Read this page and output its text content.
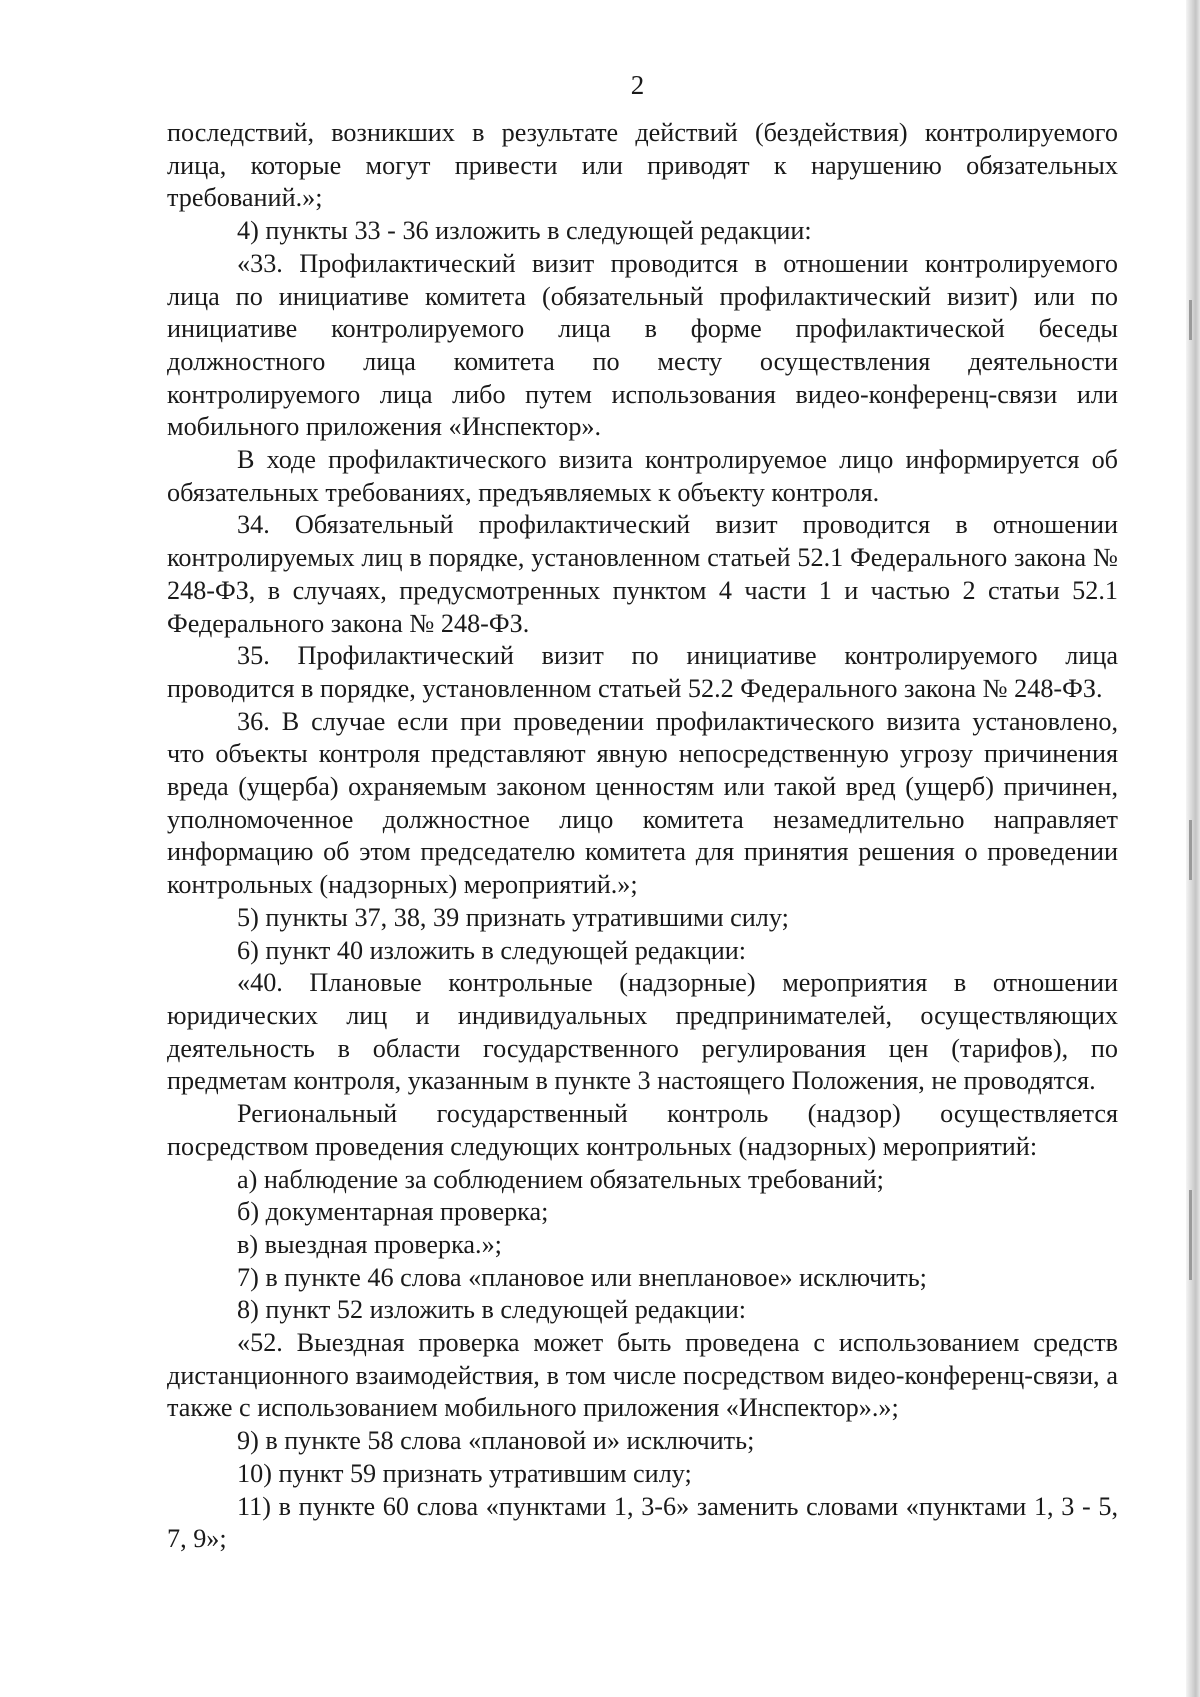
2

последствий, возникших в результате действий (бездействия) контролируемого лица, которые могут привести или приводят к нарушению обязательных требований.»;

4) пункты 33 - 36 изложить в следующей редакции:

«33. Профилактический визит проводится в отношении контролируемого лица по инициативе комитета (обязательный профилактический визит) или по инициативе контролируемого лица в форме профилактической беседы должностного лица комитета по месту осуществления деятельности контролируемого лица либо путем использования видео-конференц-связи или мобильного приложения «Инспектор».

В ходе профилактического визита контролируемое лицо информируется об обязательных требованиях, предъявляемых к объекту контроля.

34. Обязательный профилактический визит проводится в отношении контролируемых лиц в порядке, установленном статьей 52.1 Федерального закона № 248-ФЗ, в случаях, предусмотренных пунктом 4 части 1 и частью 2 статьи 52.1 Федерального закона № 248-ФЗ.

35. Профилактический визит по инициативе контролируемого лица проводится в порядке, установленном статьей 52.2 Федерального закона № 248-ФЗ.

36. В случае если при проведении профилактического визита установлено, что объекты контроля представляют явную непосредственную угрозу причинения вреда (ущерба) охраняемым законом ценностям или такой вред (ущерб) причинен, уполномоченное должностное лицо комитета незамедлительно направляет информацию об этом председателю комитета для принятия решения о проведении контрольных (надзорных) мероприятий.»;

5) пункты 37, 38, 39 признать утратившими силу;

6) пункт 40 изложить в следующей редакции:

«40. Плановые контрольные (надзорные) мероприятия в отношении юридических лиц и индивидуальных предпринимателей, осуществляющих деятельность в области государственного регулирования цен (тарифов), по предметам контроля, указанным в пункте 3 настоящего Положения, не проводятся.

Региональный государственный контроль (надзор) осуществляется посредством проведения следующих контрольных (надзорных) мероприятий:

а) наблюдение за соблюдением обязательных требований;

б) документарная проверка;

в) выездная проверка.»;

7) в пункте 46 слова «плановое или внеплановое» исключить;

8) пункт 52 изложить в следующей редакции:

«52. Выездная проверка может быть проведена с использованием средств дистанционного взаимодействия, в том числе посредством видео-конференц-связи, а также с использованием мобильного приложения «Инспектор».»;

9) в пункте 58 слова «плановой и» исключить;

10) пункт 59 признать утратившим силу;

11) в пункте 60 слова «пунктами 1, 3-6» заменить словами «пунктами 1, 3 - 5, 7, 9»;
